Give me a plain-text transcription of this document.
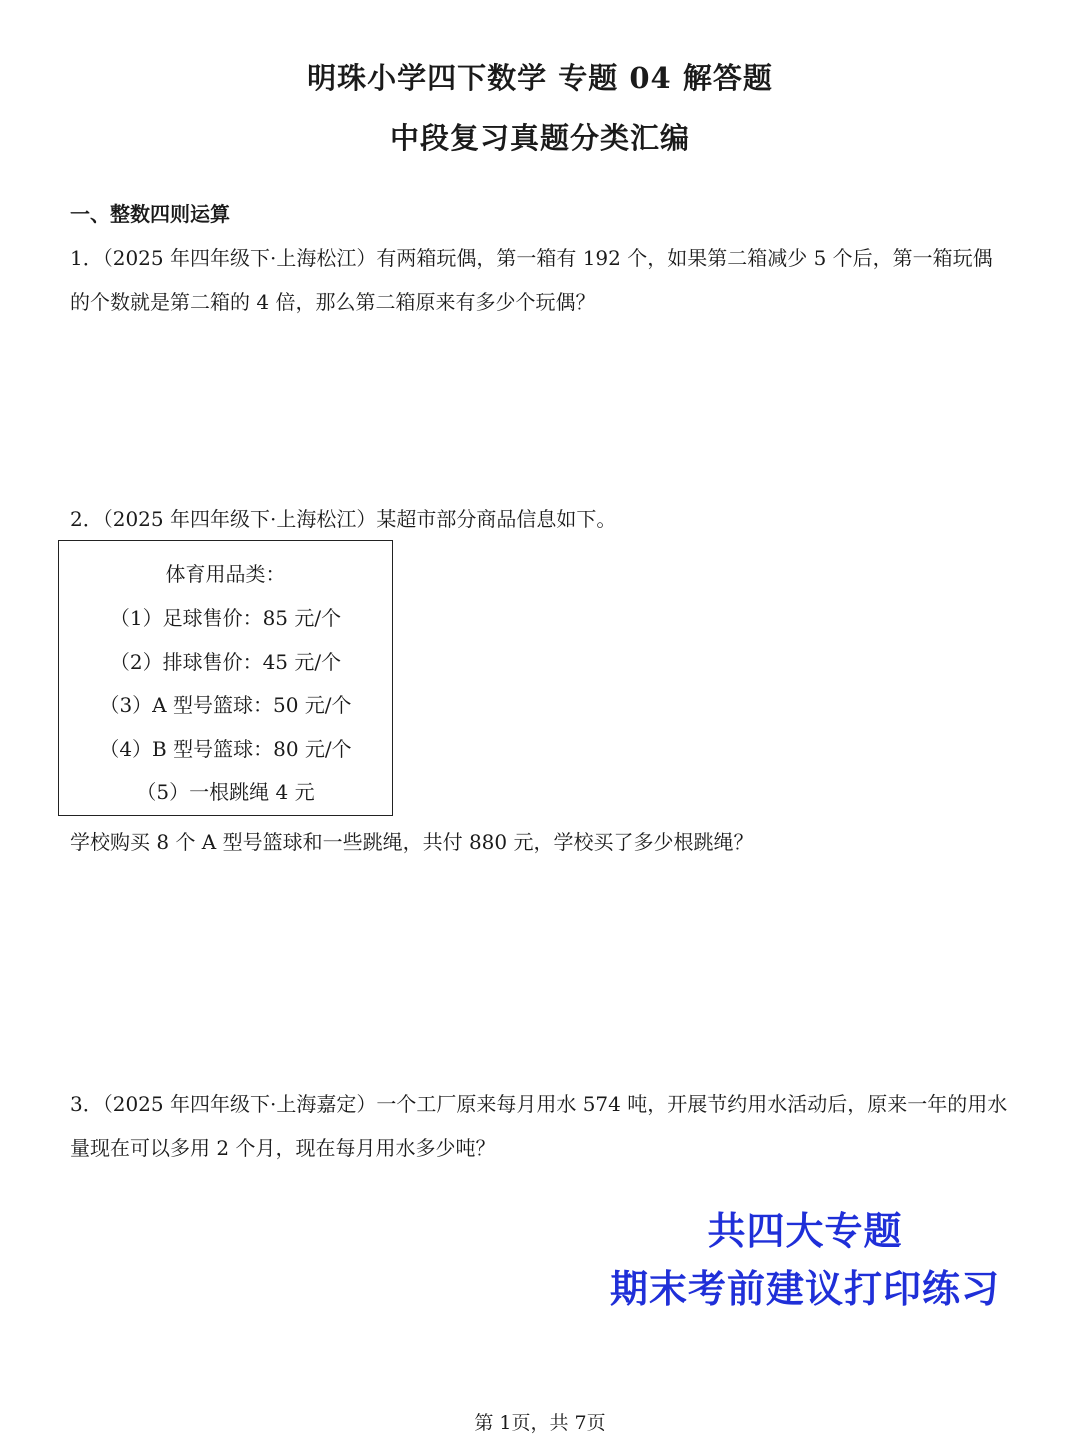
明珠小学四下数学 专题 04 解答题
中段复习真题分类汇编
一、整数四则运算
1．（2025 年四年级下·上海松江）有两箱玩偶，第一箱有 192 个，如果第二箱减少 5 个后，第一箱玩偶的个数就是第二箱的 4 倍，那么第二箱原来有多少个玩偶？
2．（2025 年四年级下·上海松江）某超市部分商品信息如下。
体育用品类：
（1）足球售价：85 元/个
（2）排球售价：45 元/个
（3）A 型号篮球：50 元/个
（4）B 型号篮球：80 元/个
（5）一根跳绳 4 元
学校购买 8 个 A 型号篮球和一些跳绳，共付 880 元，学校买了多少根跳绳？
3．（2025 年四年级下·上海嘉定）一个工厂原来每月用水 574 吨，开展节约用水活动后，原来一年的用水量现在可以多用 2 个月，现在每月用水多少吨？
共四大专题
期末考前建议打印练习
第 1页，共 7页
